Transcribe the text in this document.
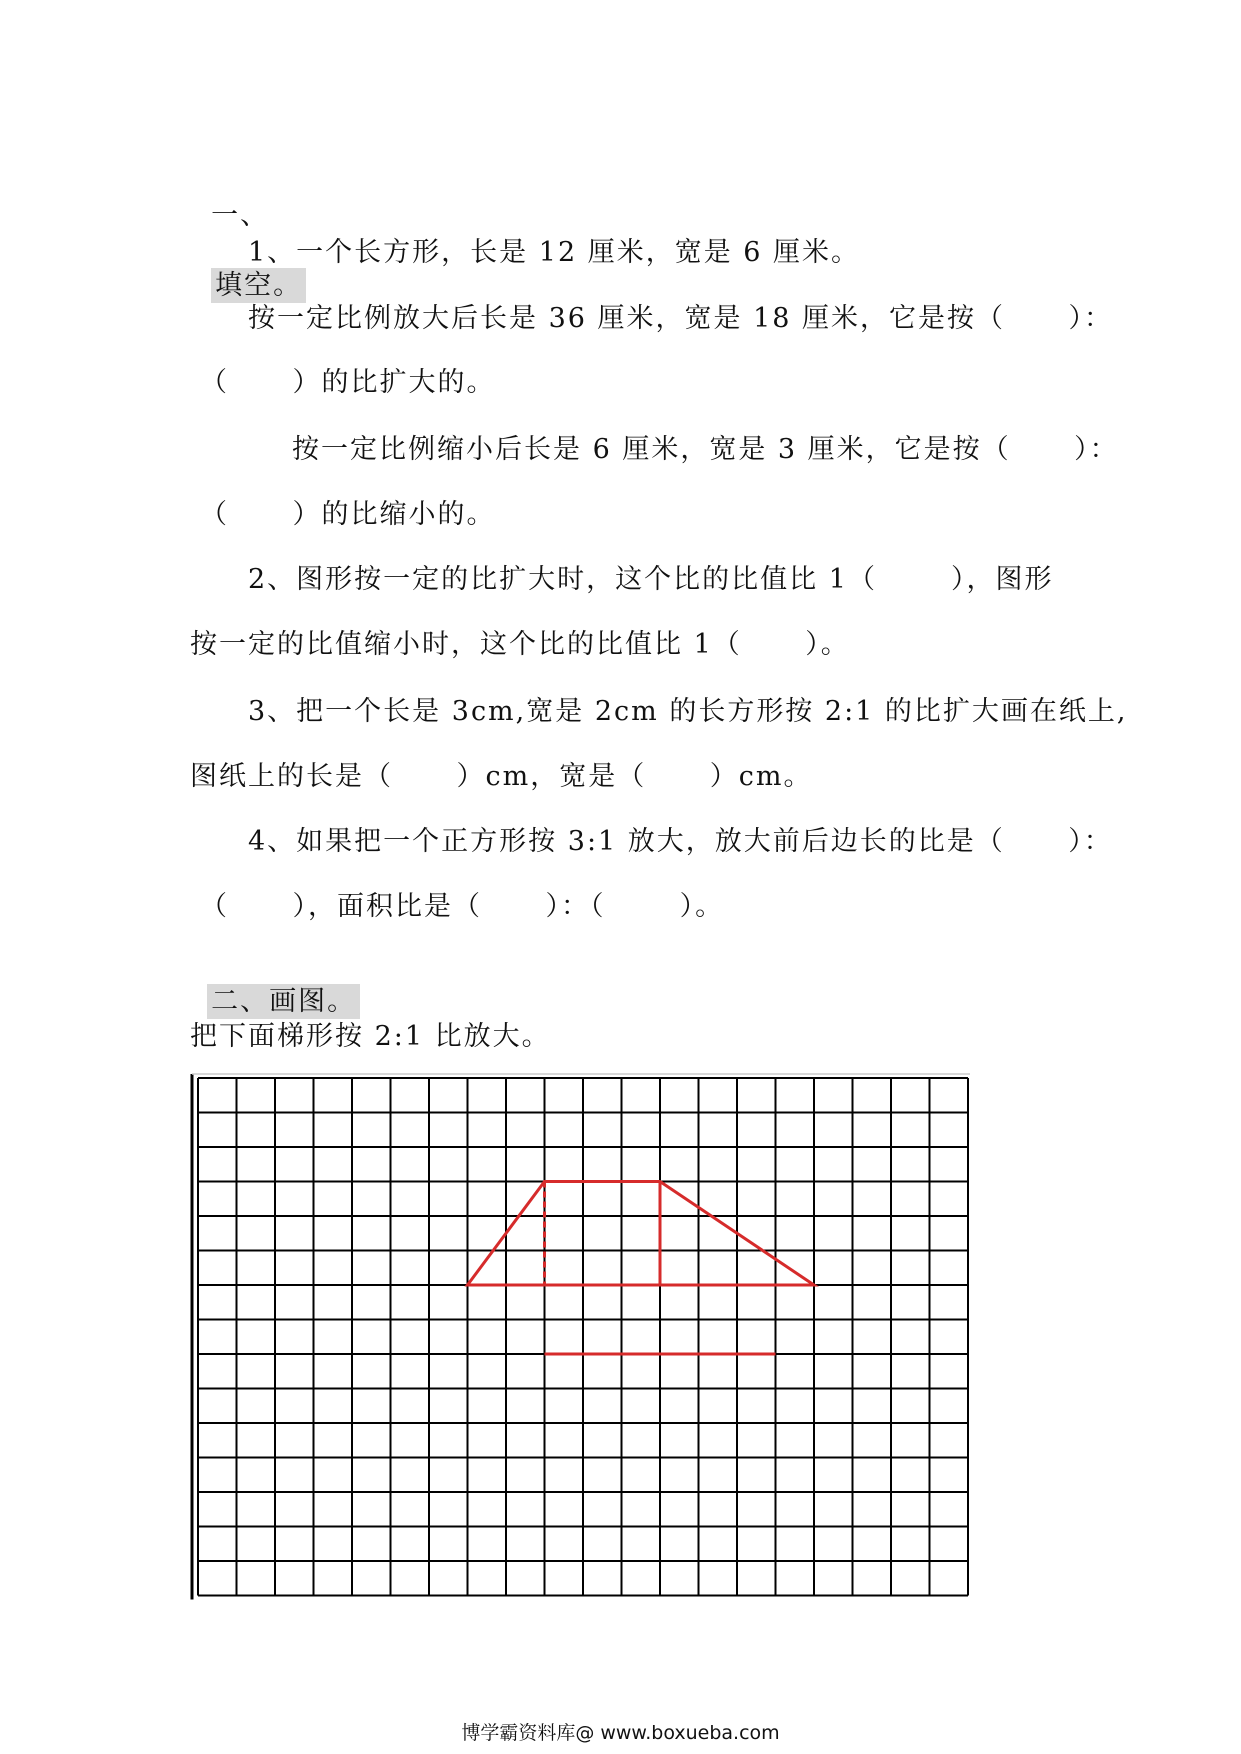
一、

填空。

1、一个长方形，长是 12 厘米，宽是 6 厘米。
按一定比例放大后长是 36 厘米，宽是 18 厘米，它是按（      ）：
（      ）的比扩大的。
按一定比例缩小后长是 6 厘米，宽是 3 厘米，它是按（      ）：
（      ）的比缩小的。
2、图形按一定的比扩大时，这个比的比值比 1（       ），图形
按一定的比值缩小时，这个比的比值比 1（      ）。
3、把一个长是 3cm,宽是 2cm 的长方形按 2:1 的比扩大画在纸上,
图纸上的长是（      ）cm，宽是（      ）cm。
4、如果把一个正方形按 3:1 放大，放大前后边长的比是（      ）：
（      ），面积比是（      ）：（       ）。

二、画图。

把下面梯形按 2:1 比放大。
博学霸资料库@ www.boxueba.com
